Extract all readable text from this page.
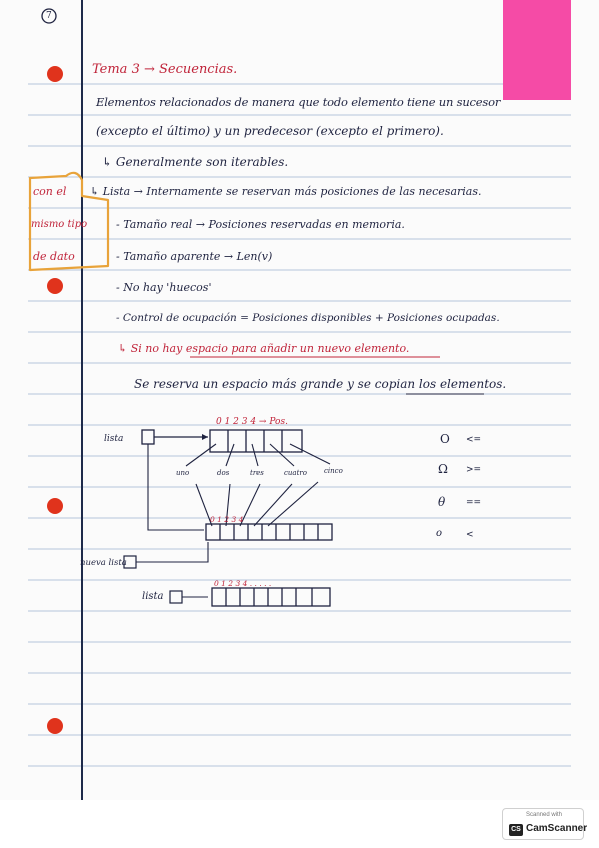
7
Tema 3 → Secuencias.
Elementos relacionados de manera que todo elemento tiene un sucesor
(excepto el último) y un predecesor (excepto el primero).
↳ Generalmente son iterables.
↳ Lista → Internamente se reservan más posiciones de las necesarias.
- Tamaño real → Posiciones reservadas en memoria.
- Tamaño aparente → Len(v)
- No hay 'huecos'
- Control de ocupación = Posiciones disponibles + Posiciones ocupadas.
↳ Si no hay espacio para añadir un nuevo elemento.
Se reserva un espacio más grande y se copian los elementos.
con el
mismo tipo
de dato
0 1 2 3 4 → Pos.
lista
uno	dos	tres	cuatro cinco
0 1 2 3 4
nueva lista
lista
0 1 2 3 4 . . . . .
O <=
Ω >=
θ ==
o	<
Scanned with
CS CamScanner
